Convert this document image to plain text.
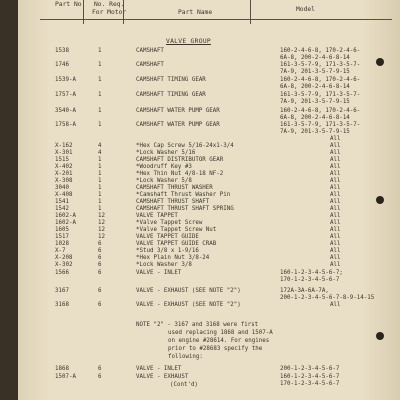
Part No. No. Req.
For Motor	Part Name	Model
VALVE GROUP
1538	1	CAMSHAFT	160-2-4-6-8, 170-2-4-6-
6A-8, 200-2-4-6-8-14
1746	1	CAMSHAFT	161-3-5-7-9, 171-3-5-7-
7A-9, 201-3-5-7-9-15
1539-A	1	CAMSHAFT TIMING GEAR	160-2-4-6-8, 170-2-4-6-
6A-8, 200-2-4-6-8-14
1757-A	1	CAMSHAFT TIMING GEAR	161-3-5-7-9, 171-3-5-7-
7A-9, 201-3-5-7-9-15
3540-A	1	CAMSHAFT WATER PUMP GEAR	160-2-4-6-8, 170-2-4-6-
6A-8, 200-2-4-6-8-14
1758-A	1	CAMSHAFT WATER PUMP GEAR	161-3-5-7-9, 171-3-5-7-
7A-9, 201-3-5-7-9-15
All
X-162	4	*Hex Cap Screw 5/16-24x1-3/4	All
X-301	4	*Lock Washer 5/16	All
1515	1	CAMSHAFT DISTRIBUTOR GEAR	All
X-402	1	*Woodruff Key #3	All
X-201	1	*Hex Thin Nut 4/8-18 NF-2	All
X-308	1	*Lock Washer 5/8	All
3040	1	CAMSHAFT THRUST WASHER	All
X-408	1	*Camshaft Thrust Washer Pin	All
1541	1	CAMSHAFT THRUST SHAFT	All
1542	1	CAMSHAFT THRUST SHAFT SPRING	All
1602-A	12	VALVE TAPPET	All
1602-A	12	*Valve Tappet Screw	All
1605	12	*Valve Tappet Screw Nut	All
1517	12	VALVE TAPPET GUIDE	All
1028	6	VALVE TAPPET GUIDE CRAB	All
X-7	6	*Stud 3/8 x 1-9/16	All
X-208	6	*Hex Plain Nut 3/8-24	All
X-302	6	*Lock Washer 3/8	All
1566	6	VALVE - INLET	160-1-2-3-4-5-6-7;
170-1-2-3-4-5-6-7
3167	6	VALVE - EXHAUST (SEE NOTE "2")	172A-3A-6A-7A,
200-1-2-3-4-5-6-7-8-9-14-15
3168	6	VALVE - EXHAUST (SEE NOTE "2")	All
NOTE "2" - 3167 and 3168 were first
used replacing 1868 and 1507-A
on engine #28614. For engines
prior to #28683 specify the
following:
1868	6	VALVE - INLET	200-1-2-3-4-5-6-7
1507-A	6	VALVE - EXHAUST	160-1-2-3-4-5-6-7
170-1-2-3-4-5-6-7
(Cont'd)
